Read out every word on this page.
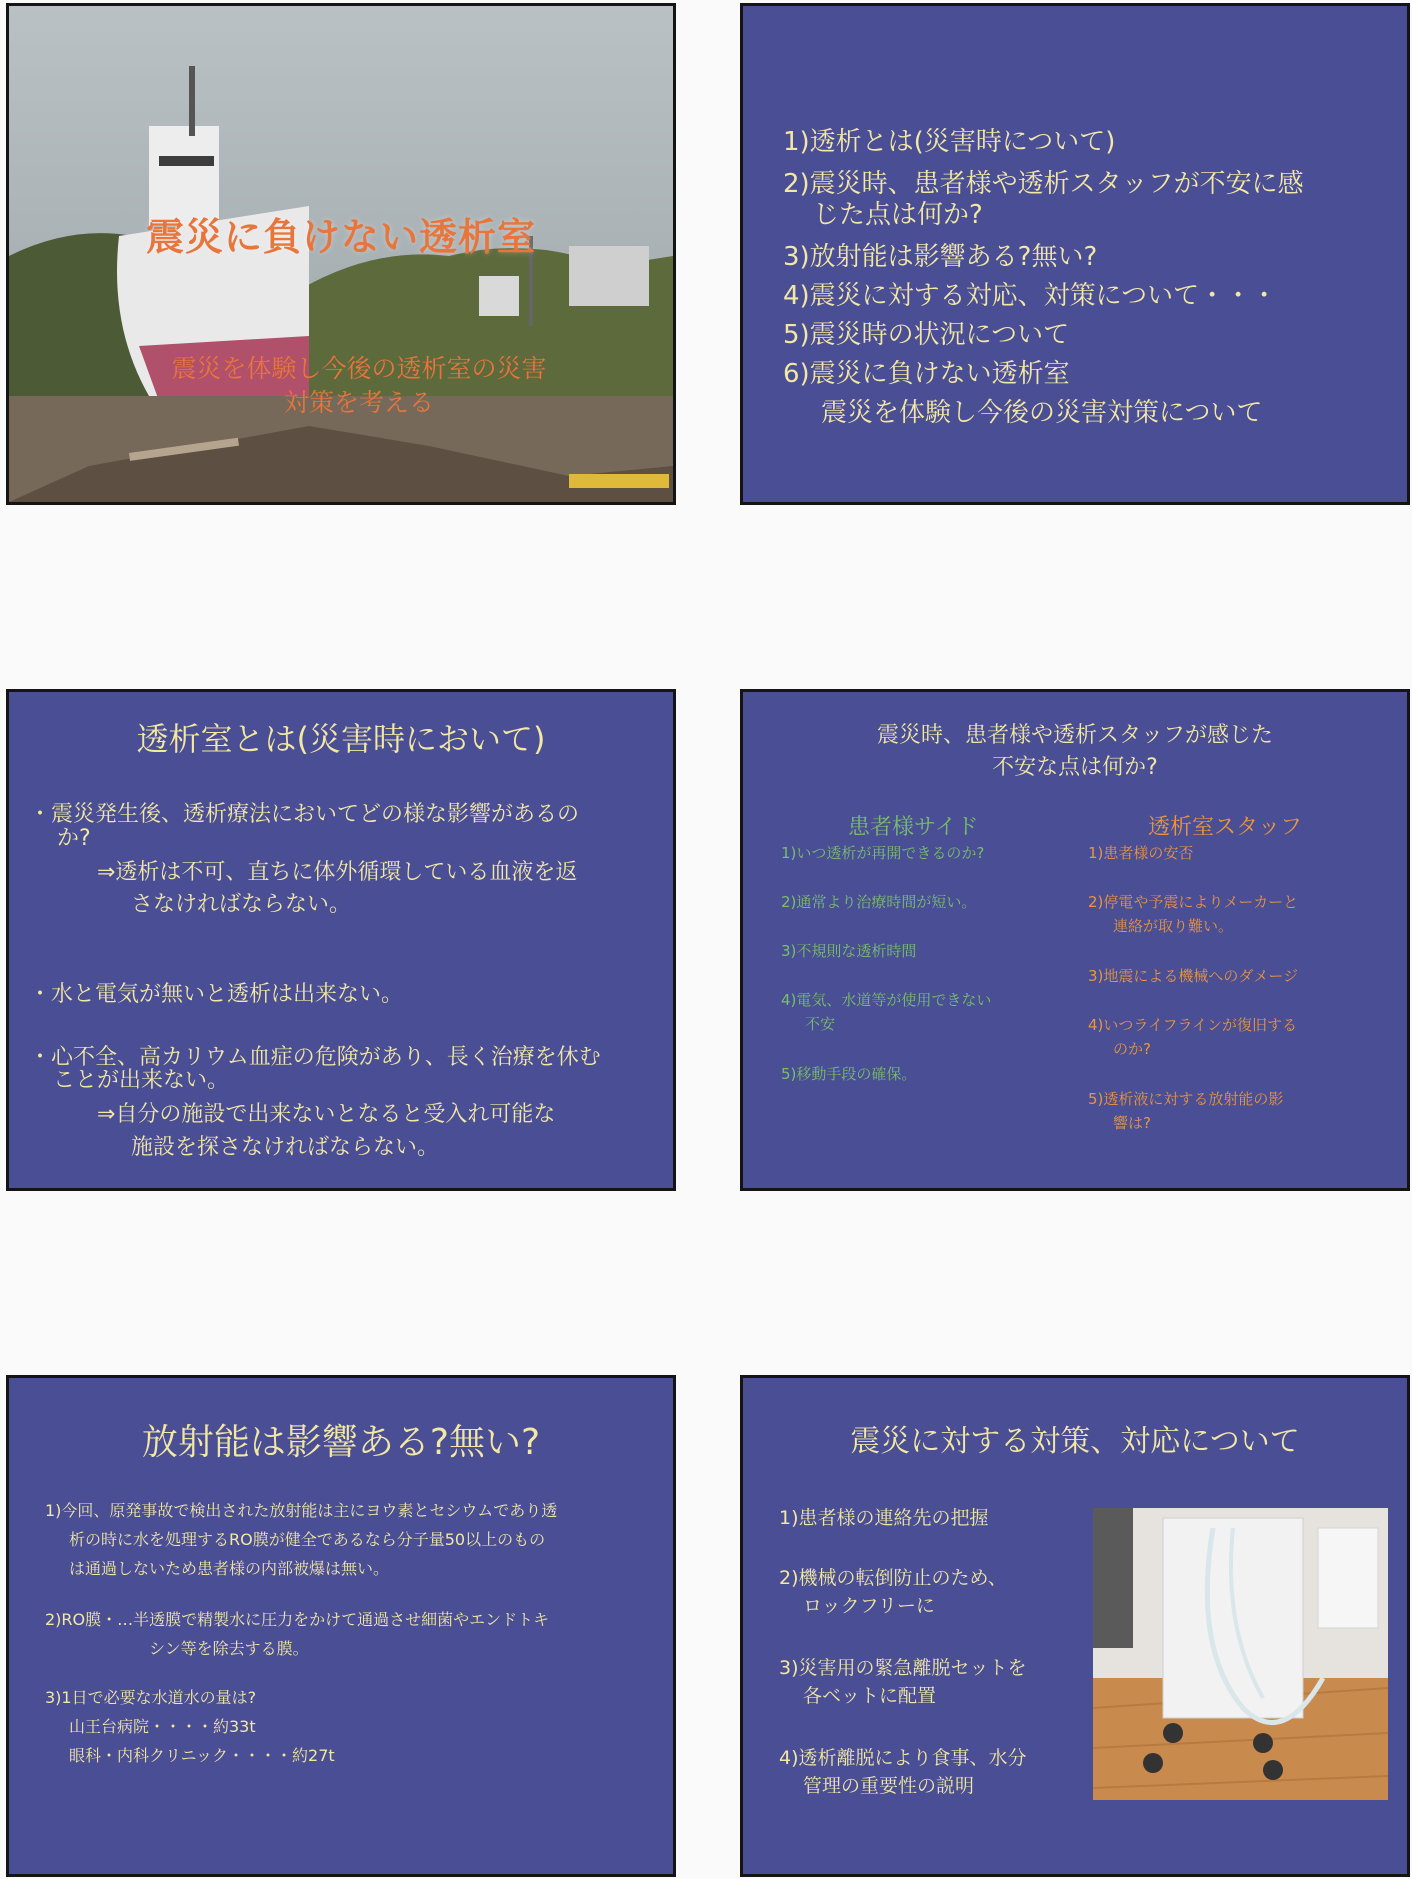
震災に負けない透析室
震災を体験し今後の透析室の災害
対策を考える
1)透析とは(災害時について)
2)震災時、患者様や透析スタッフが不安に感
じた点は何か?
3)放射能は影響ある?無い?
4)震災に対する対応、対策について・・・
5)震災時の状況について
6)震災に負けない透析室
震災を体験し今後の災害対策について
透析室とは(災害時において)
・震災発生後、透析療法においてどの様な影響があるの
か?
⇒透析は不可、直ちに体外循環している血液を返
さなければならない。
・水と電気が無いと透析は出来ない。
・心不全、高カリウム血症の危険があり、長く治療を休む
ことが出来ない。
⇒自分の施設で出来ないとなると受入れ可能な
施設を探さなければならない。
震災時、患者様や透析スタッフが感じた
不安な点は何か?
患者様サイド
1)いつ透析が再開できるのか?
2)通常より治療時間が短い。
3)不規則な透析時間
4)電気、水道等が使用できない
不安
5)移動手段の確保。
透析室スタッフ
1)患者様の安否
2)停電や予震によりメーカーと
連絡が取り難い。
3)地震による機械へのダメージ
4)いつライフラインが復旧する
のか?
5)透析液に対する放射能の影
響は?
放射能は影響ある?無い?
1)今回、原発事故で検出された放射能は主にヨウ素とセシウムであり透
析の時に水を処理するRO膜が健全であるなら分子量50以上のもの
は通過しないため患者様の内部被爆は無い。
2)RO膜・…半透膜で精製水に圧力をかけて通過させ細菌やエンドトキ
シン等を除去する膜。
3)1日で必要な水道水の量は?
山王台病院・・・・約33t
眼科・内科クリニック・・・・約27t
震災に対する対策、対応について
1)患者様の連絡先の把握
2)機械の転倒防止のため、
ロックフリーに
3)災害用の緊急離脱セットを
各ベットに配置
4)透析離脱により食事、水分
管理の重要性の説明
